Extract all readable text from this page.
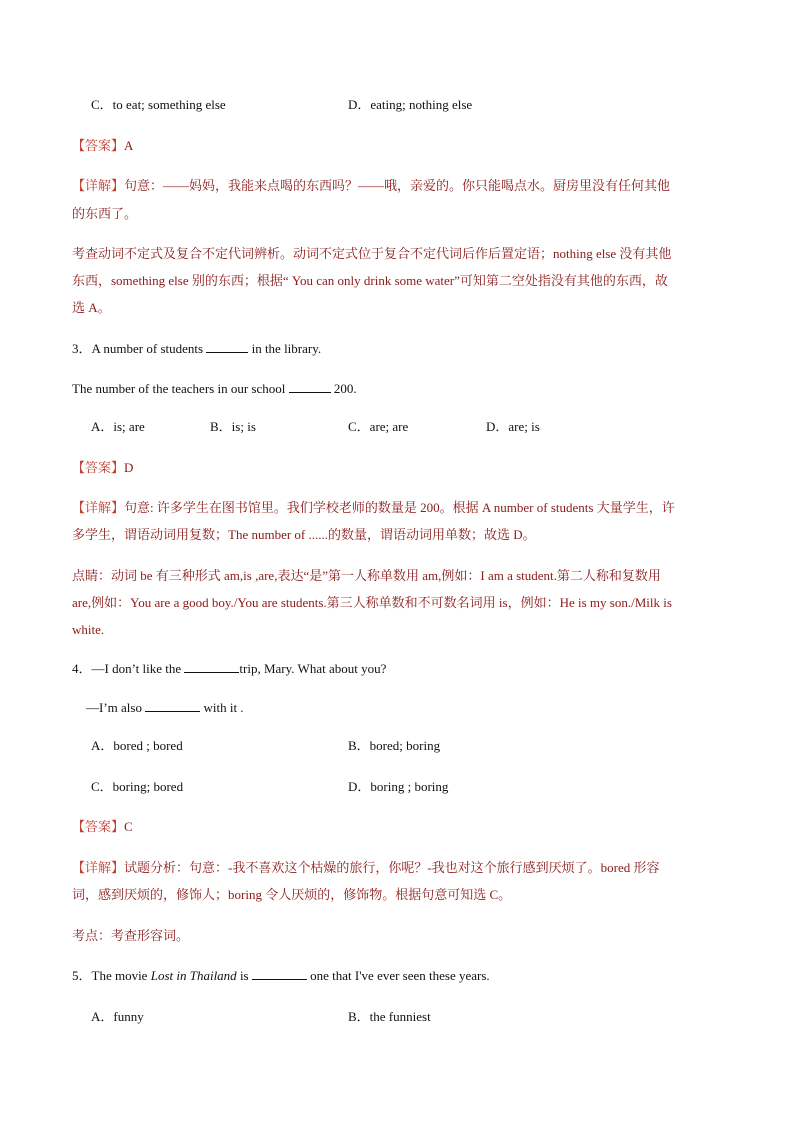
C．to eat; something else	D．eating; nothing else
【答案】A
【详解】句意：——妈妈，我能来点喝的东西吗？——哦，亲爱的。你只能喝点水。厨房里没有任何其他
的东西了。
考查动词不定式及复合不定代词辨析。动词不定式位于复合不定代词后作后置定语；nothing else 没有其他
东西，something else 别的东西；根据“ You can only drink some water”可知第二空处指没有其他的东西，故
选 A。
3．A number of students	in the library.
The number of the teachers in our school	200.
A．is; are	B．is; is	C．are; are	D．are; is
【答案】D
【详解】句意: 许多学生在图书馆里。我们学校老师的数量是 200。根据 A number of students 大量学生，许
多学生，谓语动词用复数；The number of ......的数量，谓语动词用单数；故选 D。
点睛：动词 be 有三种形式 am,is ,are,表达“是”第一人称单数用 am,例如：I am a student.第二人称和复数用
are,例如：You are a good boy./You are students.第三人称单数和不可数名词用 is，例如：He is my son./Milk is
white.
4．—I don’t like the	trip, Mary. What about you?
—I’m also	with it .
A．bored ; bored	B．bored; boring
C．boring; bored	D．boring ; boring
【答案】C
【详解】试题分析：句意：-我不喜欢这个枯燥的旅行，你呢？-我也对这个旅行感到厌烦了。bored 形容
词，感到厌烦的，修饰人；boring 令人厌烦的，修饰物。根据句意可知选 C。
考点：考查形容词。
5．The movie Lost in Thailand is	one that I've ever seen these years.
A．funny	B．the funniest
